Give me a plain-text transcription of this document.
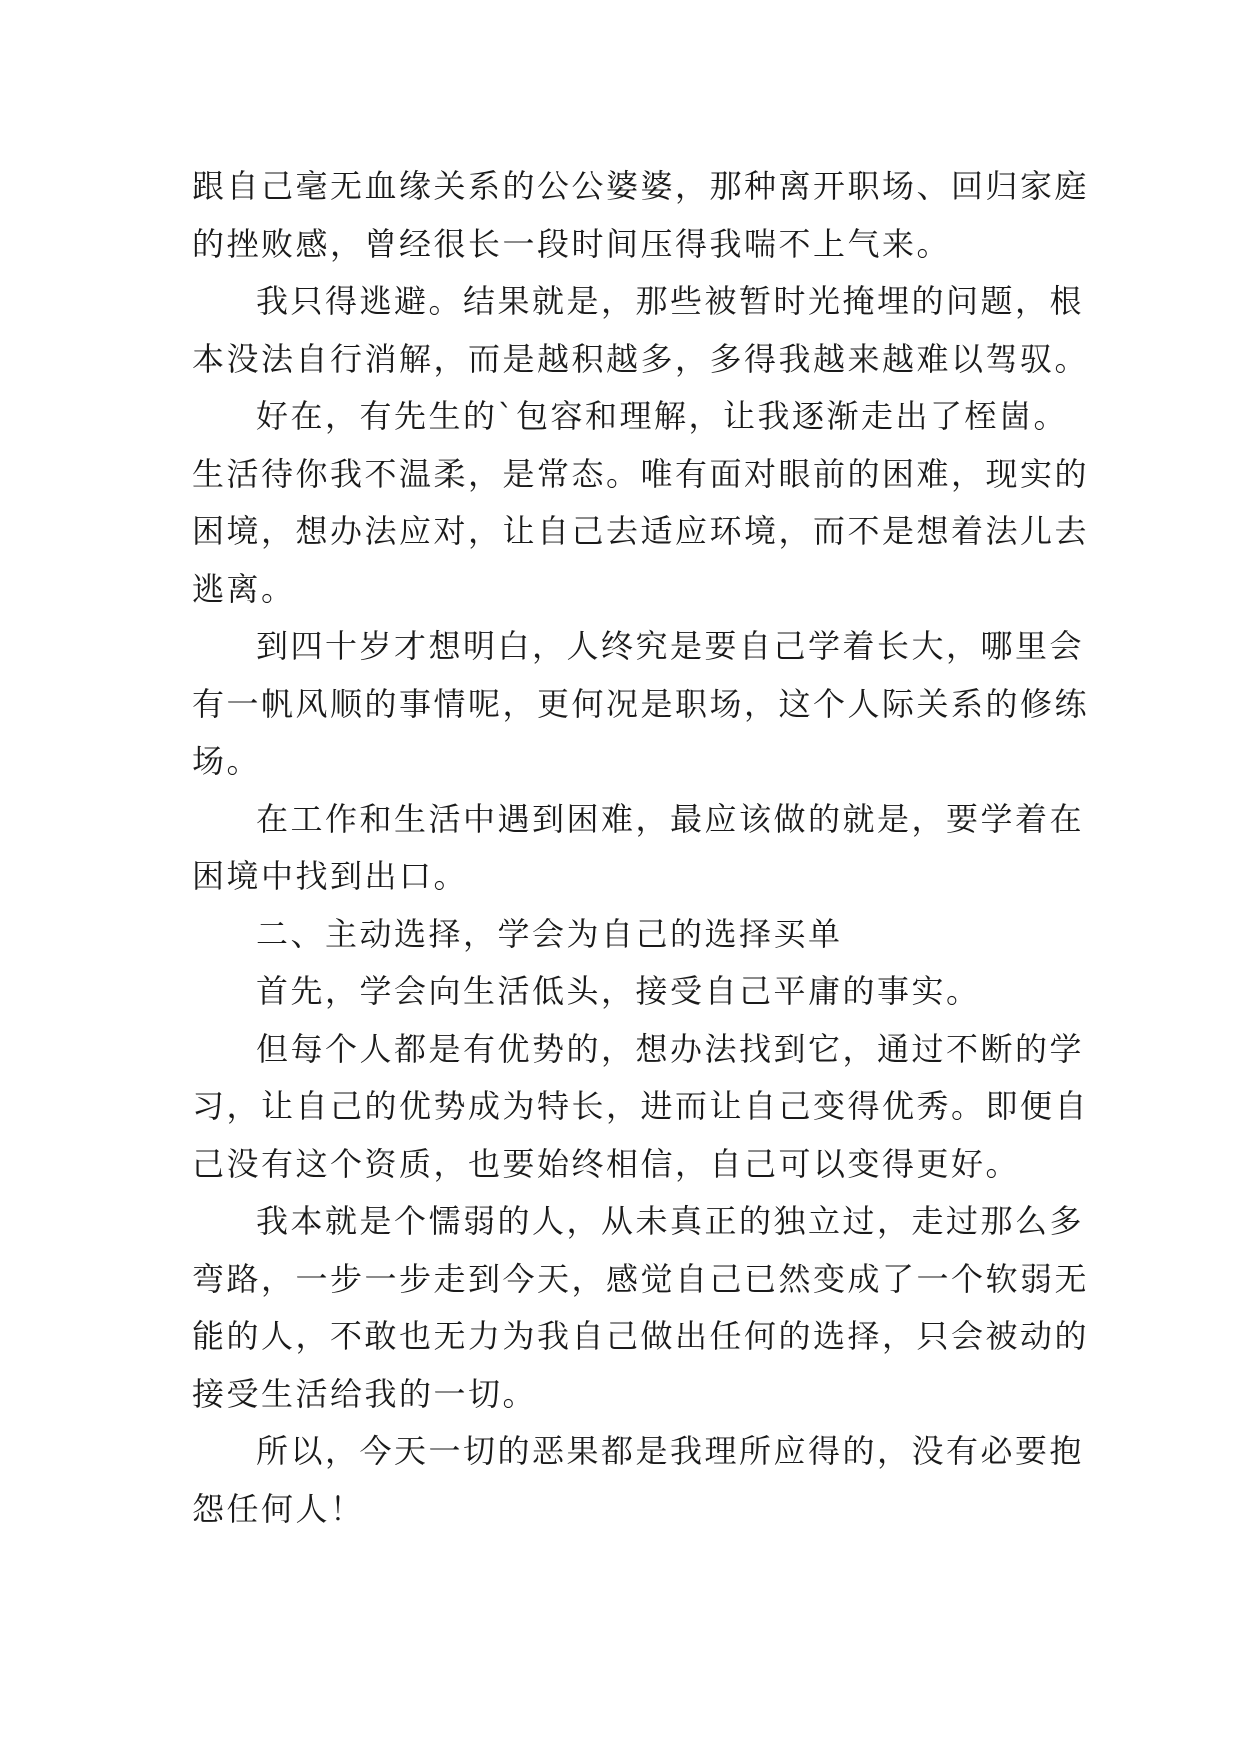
跟自己毫无血缘关系的公公婆婆，那种离开职场、回归家庭
的挫败感，曾经很长一段时间压得我喘不上气来。
我只得逃避。结果就是，那些被暂时光掩埋的问题，根
本没法自行消解，而是越积越多，多得我越来越难以驾驭。
好在，有先生的`包容和理解，让我逐渐走出了桎崮。
生活待你我不温柔，是常态。唯有面对眼前的困难，现实的
困境，想办法应对，让自己去适应环境，而不是想着法儿去
逃离。
到四十岁才想明白，人终究是要自己学着长大，哪里会
有一帆风顺的事情呢，更何况是职场，这个人际关系的修练
场。
在工作和生活中遇到困难，最应该做的就是，要学着在
困境中找到出口。
二、主动选择，学会为自己的选择买单
首先，学会向生活低头，接受自己平庸的事实。
但每个人都是有优势的，想办法找到它，通过不断的学
习，让自己的优势成为特长，进而让自己变得优秀。即便自
己没有这个资质，也要始终相信，自己可以变得更好。
我本就是个懦弱的人，从未真正的独立过，走过那么多
弯路，一步一步走到今天，感觉自己已然变成了一个软弱无
能的人，不敢也无力为我自己做出任何的选择，只会被动的
接受生活给我的一切。
所以，今天一切的恶果都是我理所应得的，没有必要抱
怨任何人！
